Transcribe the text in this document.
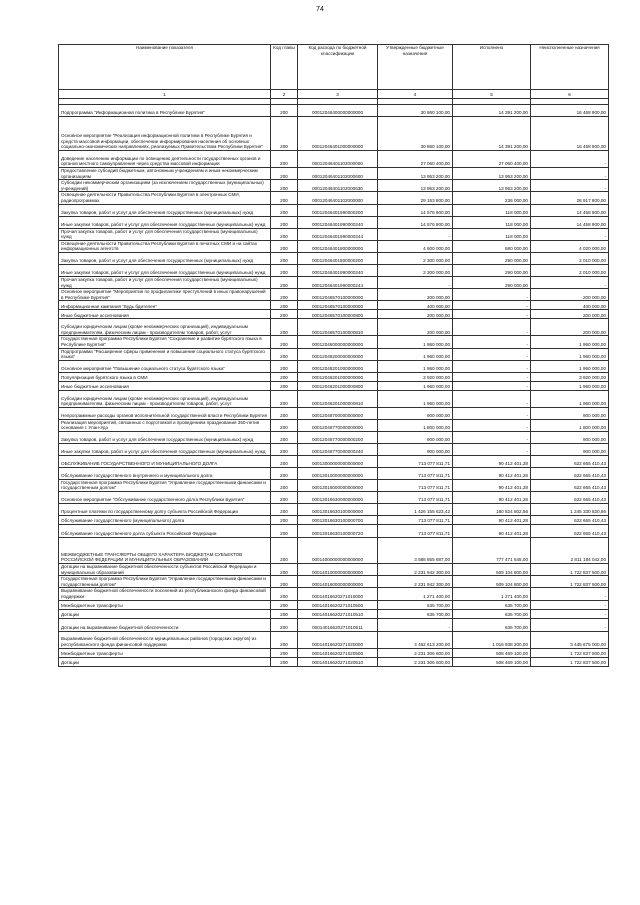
74
Наименование показателя	Код главы	Код расхода по бюджетной классификации	Утвержденные бюджетные назначения	Исполнено	Неисполненные назначения
1	2	3	4	5	6

Подпрограмма "Информационная политика в Республике Бурятия"	200	00012046400000000000	30 860 100,00	14 391 200,00	16 468 900,00
Основное мероприятие "Реализация информационной политики в Республике Бурятия и средств массовой информации, обеспечение информирования населения об основных социально-экономических направлениях, реализуемых Правительством Республики Бурятия"	200	00012046401000000000	30 860 100,00	14 391 200,00	16 468 900,00
Доведение населению информации по освещению деятельности государственных органов и органов местного самоуправления через средства массовой информации	200	00012046401102000000	27 060 400,00	27 060 400,00	-
Предоставление субсидий бюджетным, автономным учреждениям и иным некоммерческим организациям	200	00012046401102000600	13 953 200,00	13 953 200,00	-
Субсидии некоммерческим организациям (за исключением государственных (муниципальных) учреждений)	200	00012046401102000630	13 953 200,00	13 953 200,00	-
Освещение деятельности Правительства Республики Бурятия в электронных СМИ, радиопрограммах	200	00012046401102000000	29 153 800,00	236 000,00	28 917 800,00
Закупка товаров, работ и услуг для обеспечения государственных (муниципальных) нужд	200	00012046401990000200	14 576 900,00	118 000,00	14 458 900,00
Иные закупки товаров, работ и услуг для обеспечения государственных (муниципальных) нужд	200	00012046401990000240	14 576 900,00	118 000,00	14 458 900,00
Прочая закупка товаров, работ и услуг для обеспечения государственных (муниципальных) нужд	200	00012046401990000244	-	118 000,00	-
Освещение деятельности Правительства Республики Бурятия в печатных СМИ и на сайтах информационных агентств	200	00012046401800000000	4 600 000,00	580 000,00	4 020 000,00
Закупка товаров, работ и услуг для обеспечения государственных (муниципальных) нужд	200	00012046401800000200	2 300 000,00	290 000,00	2 010 000,00
Иные закупки товаров, работ и услуг для обеспечения государственных (муниципальных) нужд	200	00012046401990000240	2 300 000,00	290 000,00	2 010 000,00
Прочая закупка товаров, работ и услуг для обеспечения государственных (муниципальных) нужд	200	00012046401990000244	-	290 000,00	-
Основное мероприятие "Мероприятия по профилактике преступлений в иных правонарушений в Республике Бурятия"	200	00012046570100000000	200 000,00	-	200 000,00
Информационная кампания "Будь бдителен"	200	00012046570100000000	400 000,00	-	400 000,00
Иные бюджетные ассигнования	200	00012046570100000800	200 000,00	-	200 000,00
Субсидии юридическим лицам (кроме некоммерческих организаций), индивидуальным предпринимателям, физическим лицам - производителям товаров, работ, услуг	200	00012046570100000810	200 000,00	-	200 000,00
Государственная программа Республики Бурятия "Сохранение и развитие бурятского языка в Республике Бурятия"	200	00012046000000000000	1 960 000,00	-	1 960 000,00
Подпрограмма "Расширение сферы применения и повышение социального статуса бурятского языка"	200	00012048200000000000	1 960 000,00	-	1 960 000,00
Основное мероприятие "Повышение социального статуса бурятского языка"	200	00012048201000000000	1 960 000,00	-	1 960 000,00
Популяризация бурятского языка в СМИ	200	00012046201000000000	3 920 000,00	-	3 920 000,00
Иные бюджетные ассигнования	200	00012046201000000800	1 960 000,00	-	1 960 000,00
Субсидии юридическим лицам (кроме некоммерческих организаций), индивидуальным предпринимателям, физическим лицам - производителям товаров, работ, услуг	200	00012046201000000810	1 960 000,00	-	1 960 000,00
Непрограммные расходы органов исполнительной государственной власти Республики Бурятия	200	00012048700000000000	900 000,00	-	900 000,00
Реализация мероприятий, связанных с подготовкой и проведением празднования 350-летия основания г. Улан-Удэ	200	00012048770000000000	1 800 000,00	-	1 800 000,00
Закупка товаров, работ и услуг для обеспечения государственных (муниципальных) нужд	200	00012048770000000200	900 000,00	-	900 000,00
Иные закупки товаров, работ и услуг для обеспечения государственных (муниципальных) нужд	200	00012048770000000240	900 000,00	-	900 000,00
ОБСЛУЖИВАНИЕ ГОСУДАРСТВЕННОГО И МУНИЦИПАЛЬНОГО ДОЛГА	200	00013000000000000000	713 077 811,71	90 412 401,28	622 665 410,43
Обслуживание государственного внутреннего и муниципального долга	200	00013010000000000000	713 077 811,71	90 412 401,28	622 665 410,43
Государственная программа Республики Бурятия "Управление государственными финансами и государственным долгом"	200	00013016000000000000	713 077 811,71	90 412 401,28	622 665 410,43
Основное мероприятие "Обслуживание государственного долга Республики Бурятия"	200	00013016630000000000	713 077 811,71	90 412 401,28	622 665 410,43
Процентные платежи по государственному долгу субъекта Российской Федерации	200	00013016630100000000	1 426 155 623,42	180 824 802,56	1 245 330 820,86
Обслуживание государственного (муниципального) долга	200	00013016630100000700	713 077 811,71	90 412 401,28	622 665 410,43
Обслуживание государственного долга субъекта Российской Федерации	200	00013016630100000720	713 077 811,71	90 412 401,28	622 665 410,43
МЕЖБЮДЖЕТНЫЕ ТРАНСФЕРТЫ ОБЩЕГО ХАРАКТЕРА БЮДЖЕТАМ СУБЪЕКТОВ РОССИЙСКОЙ ФЕДЕРАЦИИ И МУНИЦИПАЛЬНЫХ ОБРАЗОВАНИЙ	200	00014000000000000000	3 588 855 687,00	777 471 645,00	2 811 184 042,00
Дотации на выравнивание бюджетной обеспеченности субъектов Российской Федерации и муниципальных образований	200	00014010000000000000	2 231 942 300,00	509 104 800,00	1 722 837 500,00
Государственная программа Республики Бурятия "Управление государственными финансами и государственным долгом"	200	00014016000000000000	2 231 942 300,00	509 104 800,00	1 722 837 500,00
Выравнивание бюджетной обеспеченности поселений из республиканского фонда финансовой поддержки	200	00014016620271010000	1 271 400,00	1 271 400,00	-
Межбюджетные трансферты	200	00014016620271010500	635 700,00	635 700,00	-
Дотации	200	00014016620271010510	635 700,00	635 700,00	-
Дотации на выравнивание бюджетной обеспеченности	200	00014016620271010511	-	635 700,00	-
Выравнивание бюджетной обеспеченности муниципальных районов (городских округов) из республиканского фонда финансовой поддержки	200	00014016620271020000	4 462 613 200,00	1 016 938 200,00	3 445 675 000,00
Межбюджетные трансферты	200	00014016620271020500	2 231 306 600,00	508 469 100,00	1 722 837 500,00
Дотации	200	00014016620271020510	2 231 306 600,00	508 469 100,00	1 722 837 500,00
